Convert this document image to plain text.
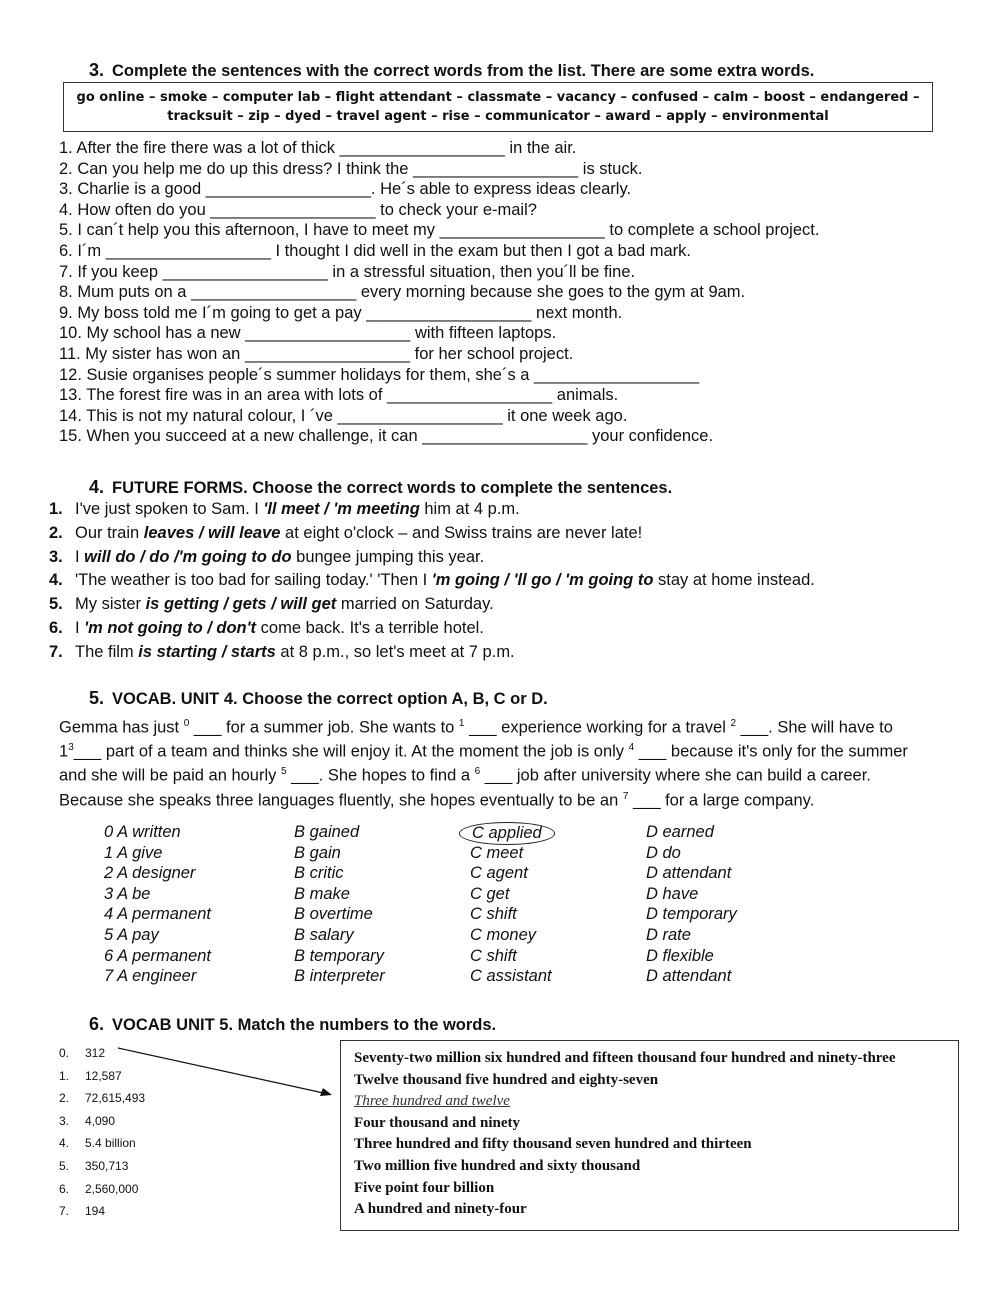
3. Complete the sentences with the correct words from the list. There are some extra words.
go online – smoke – computer lab – flight attendant – classmate – vacancy – confused – calm – boost – endangered –
tracksuit – zip – dyed – travel agent – rise – communicator – award – apply – environmental
1. After the fire there was a lot of thick __________________ in the air.
2. Can you help me do up this dress? I think the __________________ is stuck.
3. Charlie is a good __________________. He´s able to express ideas clearly.
4. How often do you __________________ to check your e-mail?
5. I can´t help you this afternoon, I have to meet my __________________ to complete a school project.
6. I´m __________________ I thought I did well in the exam but then I got a bad mark.
7. If you keep __________________ in a stressful situation, then you´ll be fine.
8. Mum puts on a __________________ every morning because she goes to the gym at 9am.
9. My boss told me I´m going to get a pay __________________ next month.
10. My school has a new __________________ with fifteen laptops.
11. My sister has won an __________________ for her school project.
12. Susie organises people´s summer holidays for them, she´s a __________________
13. The forest fire was in an area with lots of __________________ animals.
14. This is not my natural colour, I ´ve __________________ it one week ago.
15. When you succeed at a new challenge, it can __________________ your confidence.
4. FUTURE FORMS. Choose the correct words to complete the sentences.
1. I've just spoken to Sam. I 'll meet / 'm meeting him at 4 p.m.
2. Our train leaves / will leave at eight o'clock – and Swiss trains are never late!
3. I will do / do /'m going to do bungee jumping this year.
4. 'The weather is too bad for sailing today.' 'Then I 'm going / 'll go / 'm going to stay at home instead.
5. My sister is getting / gets / will get married on Saturday.
6. I 'm not going to / don't come back. It's a terrible hotel.
7. The film is starting / starts at 8 p.m., so let's meet at 7 p.m.
5. VOCAB. UNIT 4. Choose the correct option A, B, C or D.
Gemma has just $^0$ ___ for a summer job. She wants to $^1$ ___ experience working for a travel $^2$ ___. She will have to $1^3\_\_\_$ part of a team and thinks she will enjoy it. At the moment the job is only $^4$ ___ because it's only for the summer and she will be paid an hourly $^5$ ___. She hopes to find a $^6$ ___ job after university where she can build a career. Because she speaks three languages fluently, she hopes eventually to be an $^7$ ___ for a large company.
0 A written	B gained	C applied	D earned
1 A give	B gain	C meet	D do
2 A designer	B critic	C agent	D attendant
3 A be	B make	C get	D have
4 A permanent	B overtime	C shift	D temporary
5 A pay	B salary	C money	D rate
6 A permanent	B temporary	C shift	D flexible
7 A engineer	B interpreter	C assistant	D attendant
6. VOCAB UNIT 5. Match the numbers to the words.
0. 312
1. 12,587
2. 72,615,493
3. 4,090
4. 5.4 billion
5. 350,713
6. 2,560,000
7. 194
Seventy-two million six hundred and fifteen thousand four hundred and ninety-three
Twelve thousand five hundred and eighty-seven
Three hundred and twelve
Four thousand and ninety
Three hundred and fifty thousand seven hundred and thirteen
Two million five hundred and sixty thousand
Five point four billion
A hundred and ninety-four
